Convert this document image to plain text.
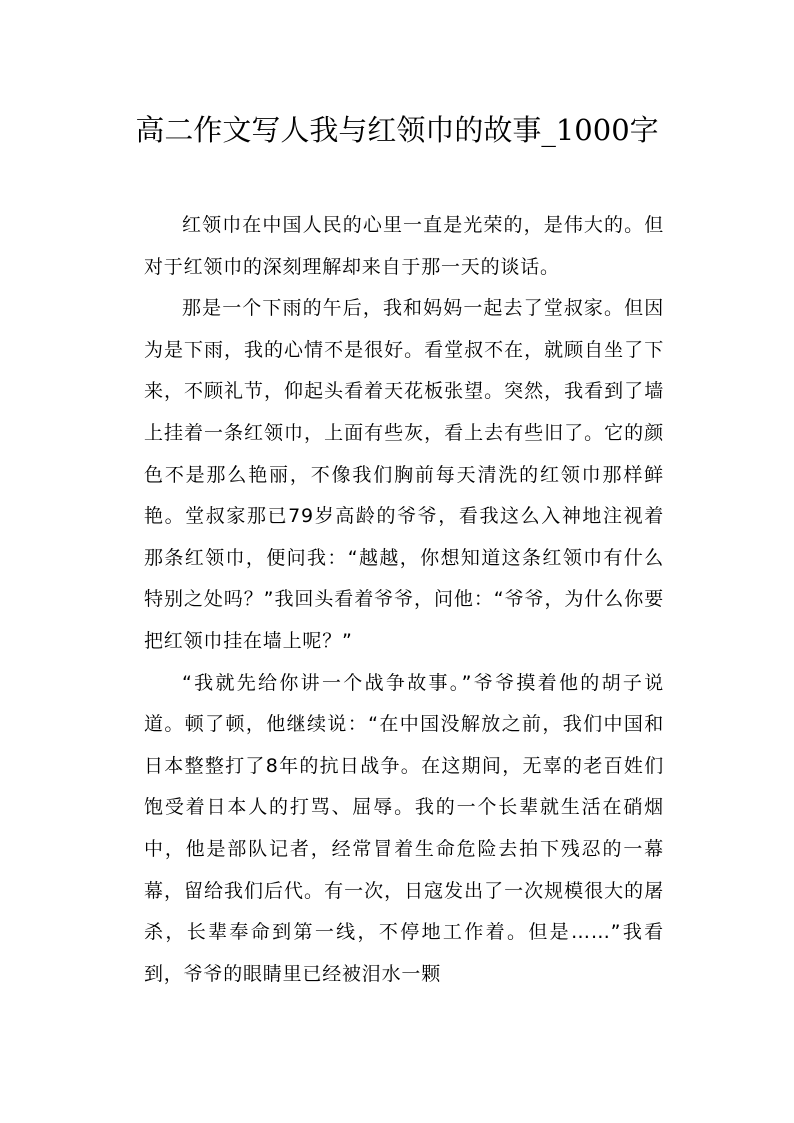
高二作文写人我与红领巾的故事_1000字

红领巾在中国人民的心里一直是光荣的，是伟大的。但对于红领巾的深刻理解却来自于那一天的谈话。

那是一个下雨的午后，我和妈妈一起去了堂叔家。但因为是下雨，我的心情不是很好。看堂叔不在，就顾自坐了下来，不顾礼节，仰起头看着天花板张望。突然，我看到了墙上挂着一条红领巾，上面有些灰，看上去有些旧了。它的颜色不是那么艳丽，不像我们胸前每天清洗的红领巾那样鲜艳。堂叔家那已79岁高龄的爷爷，看我这么入神地注视着那条红领巾，便问我：“越越，你想知道这条红领巾有什么特别之处吗？”我回头看着爷爷，问他：“爷爷，为什么你要把红领巾挂在墙上呢？”

“我就先给你讲一个战争故事。”爷爷摸着他的胡子说道。顿了顿，他继续说：“在中国没解放之前，我们中国和日本整整打了8年的抗日战争。在这期间，无辜的老百姓们饱受着日本人的打骂、屈辱。我的一个长辈就生活在硝烟中，他是部队记者，经常冒着生命危险去拍下残忍的一幕幕，留给我们后代。有一次，日寇发出了一次规模很大的屠杀，长辈奉命到第一线，不停地工作着。但是……”我看到，爷爷的眼睛里已经被泪水一颗
